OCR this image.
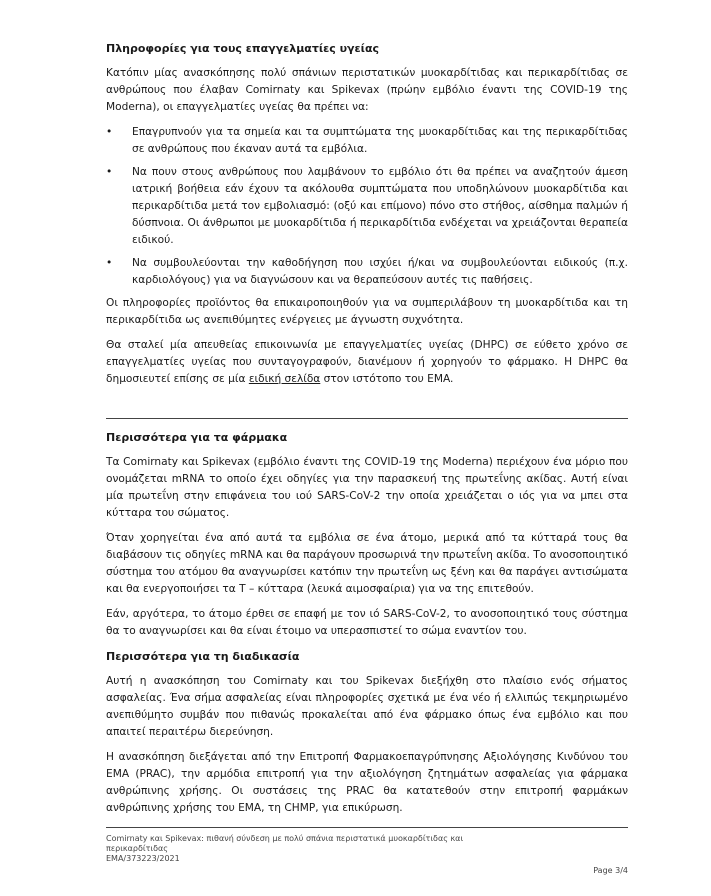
Πληροφορίες για τους επαγγελματίες υγείας

Κατόπιν μίας ανασκόπησης πολύ σπάνιων περιστατικών μυοκαρδίτιδας και περικαρδίτιδας σε ανθρώπους που έλαβαν Comirnaty και Spikevax (πρώην εμβόλιο έναντι της COVID-19 της Moderna), οι επαγγελματίες υγείας θα πρέπει να:

• Επαγρυπνούν για τα σημεία και τα συμπτώματα της μυοκαρδίτιδας και της περικαρδίτιδας σε ανθρώπους που έκαναν αυτά τα εμβόλια.

• Να πουν στους ανθρώπους που λαμβάνουν το εμβόλιο ότι θα πρέπει να αναζητούν άμεση ιατρική βοήθεια εάν έχουν τα ακόλουθα συμπτώματα που υποδηλώνουν μυοκαρδίτιδα και περικαρδίτιδα μετά τον εμβολιασμό: (οξύ και επίμονο) πόνο στο στήθος, αίσθημα παλμών ή δύσπνοια. Οι άνθρωποι με μυοκαρδίτιδα ή περικαρδίτιδα ενδέχεται να χρειάζονται θεραπεία ειδικού.

• Να συμβουλεύονται την καθοδήγηση που ισχύει ή/και να συμβουλεύονται ειδικούς (π.χ. καρδιολόγους) για να διαγνώσουν και να θεραπεύσουν αυτές τις παθήσεις.

Οι πληροφορίες προϊόντος θα επικαιροποιηθούν για να συμπεριλάβουν τη μυοκαρδίτιδα και τη περικαρδίτιδα ως ανεπιθύμητες ενέργειες με άγνωστη συχνότητα.

Θα σταλεί μία απευθείας επικοινωνία με επαγγελματίες υγείας (DHPC) σε εύθετο χρόνο σε επαγγελματίες υγείας που συνταγογραφούν, διανέμουν ή χορηγούν το φάρμακο. Η DHPC θα δημοσιευτεί επίσης σε μία ειδική σελίδα στον ιστότοπο του EMA.

Περισσότερα για τα φάρμακα

Τα Comirnaty και Spikevax (εμβόλιο έναντι της COVID-19 της Moderna) περιέχουν ένα μόριο που ονομάζεται mRNA το οποίο έχει οδηγίες για την παρασκευή της πρωτεΐνης ακίδας. Αυτή είναι μία πρωτεΐνη στην επιφάνεια του ιού SARS-CoV-2 την οποία χρειάζεται ο ιός για να μπει στα κύτταρα του σώματος.

Όταν χορηγείται ένα από αυτά τα εμβόλια σε ένα άτομο, μερικά από τα κύτταρά τους θα διαβάσουν τις οδηγίες mRNA και θα παράγουν προσωρινά την πρωτεΐνη ακίδα. Το ανοσοποιητικό σύστημα του ατόμου θα αναγνωρίσει κατόπιν την πρωτεΐνη ως ξένη και θα παράγει αντισώματα και θα ενεργοποιήσει τα Τ – κύτταρα (λευκά αιμοσφαίρια) για να της επιτεθούν.

Εάν, αργότερα, το άτομο έρθει σε επαφή με τον ιό SARS-CoV-2, το ανοσοποιητικό τους σύστημα θα το αναγνωρίσει και θα είναι έτοιμο να υπερασπιστεί το σώμα εναντίον του.

Περισσότερα για τη διαδικασία

Αυτή η ανασκόπηση του Comirnaty και του Spikevax διεξήχθη στο πλαίσιο ενός σήματος ασφαλείας. Ένα σήμα ασφαλείας είναι πληροφορίες σχετικά με ένα νέο ή ελλιπώς τεκμηριωμένο ανεπιθύμητο συμβάν που πιθανώς προκαλείται από ένα φάρμακο όπως ένα εμβόλιο και που απαιτεί περαιτέρω διερεύνηση.

Η ανασκόπηση διεξάγεται από την Επιτροπή Φαρμακοεπαγρύπνησης Αξιολόγησης Κινδύνου του EMA (PRAC), την αρμόδια επιτροπή για την αξιολόγηση ζητημάτων ασφαλείας για φάρμακα ανθρώπινης χρήσης. Οι συστάσεις της PRAC θα κατατεθούν στην επιτροπή φαρμάκων ανθρώπινης χρήσης του EMA, τη CHMP, για επικύρωση.

Comirnaty και Spikevax: πιθανή σύνδεση με πολύ σπάνια περιστατικά μυοκαρδίτιδας και
περικαρδίτιδας
EMA/373223/2021
Page 3/4
